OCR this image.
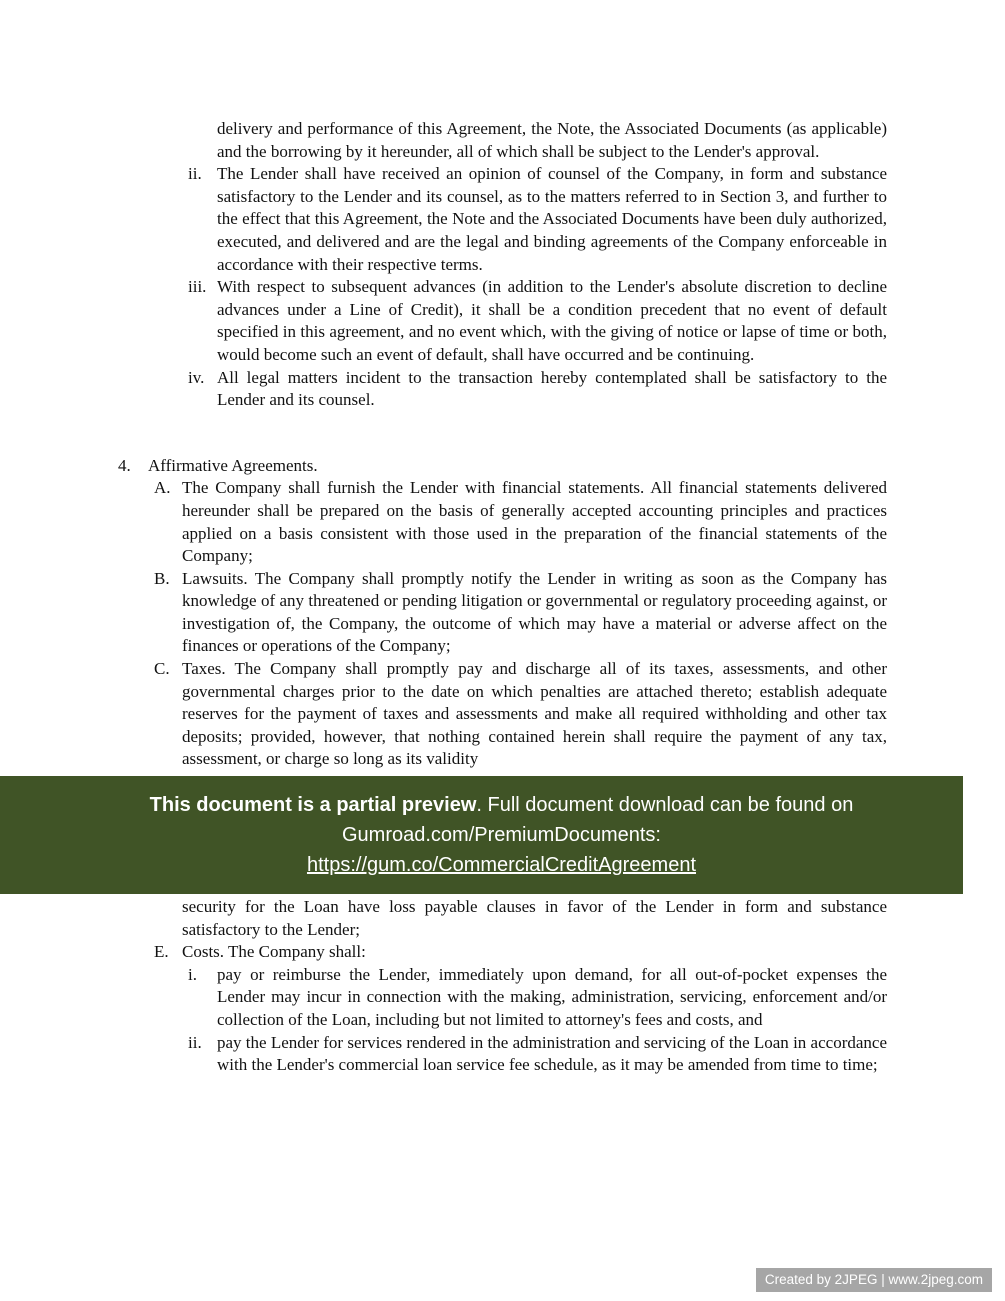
delivery and performance of this Agreement, the Note, the Associated Documents (as applicable) and the borrowing by it hereunder, all of which shall be subject to the Lender's approval.

ii. The Lender shall have received an opinion of counsel of the Company, in form and substance satisfactory to the Lender and its counsel, as to the matters referred to in Section 3, and further to the effect that this Agreement, the Note and the Associated Documents have been duly authorized, executed, and delivered and are the legal and binding agreements of the Company enforceable in accordance with their respective terms.
iii. With respect to subsequent advances (in addition to the Lender's absolute discretion to decline advances under a Line of Credit), it shall be a condition precedent that no event of default specified in this agreement, and no event which, with the giving of notice or lapse of time or both, would become such an event of default, shall have occurred and be continuing.
iv. All legal matters incident to the transaction hereby contemplated shall be satisfactory to the Lender and its counsel.
4.	Affirmative Agreements.
A. The Company shall furnish the Lender with financial statements. All financial statements delivered hereunder shall be prepared on the basis of generally accepted accounting principles and practices applied on a basis consistent with those used in the preparation of the financial statements of the Company;
B. Lawsuits. The Company shall promptly notify the Lender in writing as soon as the Company has knowledge of any threatened or pending litigation or governmental or regulatory proceeding against, or investigation of, the Company, the outcome of which may have a material or adverse affect on the finances or operations of the Company;
C. Taxes. The Company shall promptly pay and discharge all of its taxes, assessments, and other governmental charges prior to the date on which penalties are attached thereto; establish adequate reserves for the payment of taxes and assessments and make all required withholding and other tax deposits; provided, however, that nothing contained herein shall require the payment of any tax, assessment, or charge so long as its validity
This document is a partial preview. Full document download can be found on
Gumroad.com/PremiumDocuments:
https://gum.co/CommercialCreditAgreement

security for the Loan have loss payable clauses in favor of the Lender in form and substance satisfactory to the Lender;

E. Costs. The Company shall:
i.	pay or reimburse the Lender, immediately upon demand, for all out-of-pocket expenses the Lender may incur in connection with the making, administration, servicing, enforcement and/or collection of the Loan, including but not limited to attorney's fees and costs, and
ii. pay the Lender for services rendered in the administration and servicing of the Loan in accordance with the Lender's commercial loan service fee schedule, as it may be amended from time to time;
Created by 2JPEG | www.2jpeg.com
